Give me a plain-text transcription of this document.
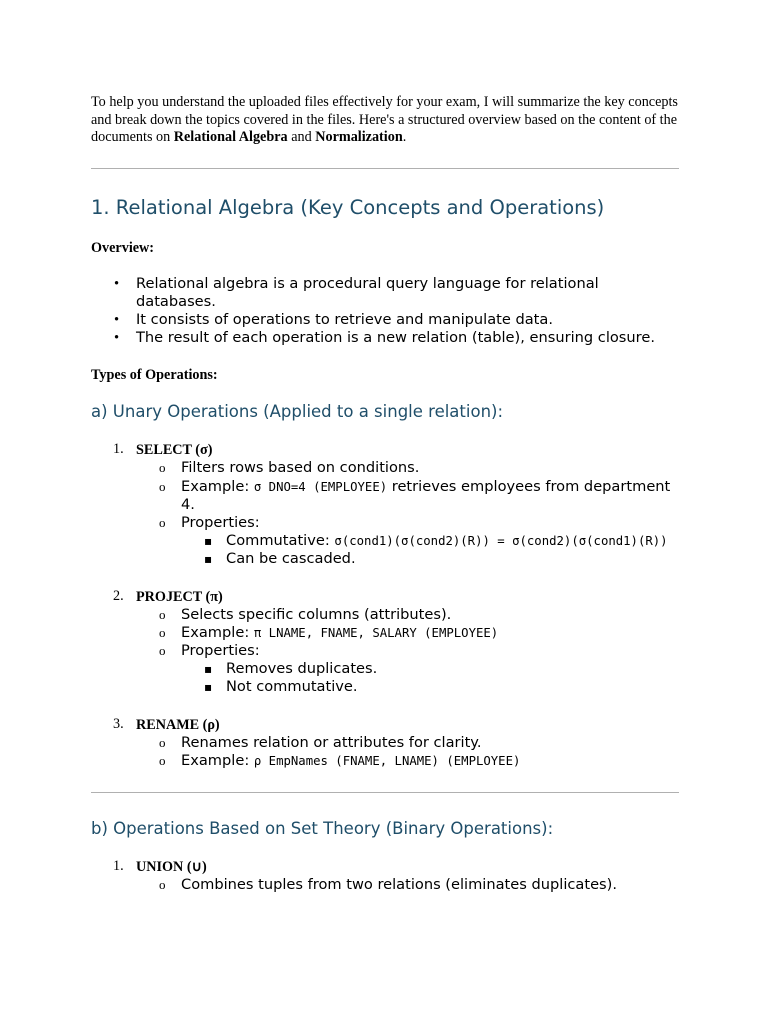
To help you understand the uploaded files effectively for your exam, I will summarize the key concepts and break down the topics covered in the files. Here's a structured overview based on the content of the documents on Relational Algebra and Normalization.

1. Relational Algebra (Key Concepts and Operations)

Overview:

• Relational algebra is a procedural query language for relational databases.
• It consists of operations to retrieve and manipulate data.
• The result of each operation is a new relation (table), ensuring closure.

Types of Operations:

a) Unary Operations (Applied to a single relation):
1. SELECT (σ)
o Filters rows based on conditions.
o Example: σ DNO=4 (EMPLOYEE) retrieves employees from department 4.
o Properties:
▪ Commutative: σ(cond1)(σ(cond2)(R)) = σ(cond2)(σ(cond1)(R))
▪ Can be cascaded.
2. PROJECT (π)
o Selects specific columns (attributes).
o Example: π LNAME, FNAME, SALARY (EMPLOYEE)
o Properties:
▪ Removes duplicates.
▪ Not commutative.
3. RENAME (ρ)
o Renames relation or attributes for clarity.
o Example: ρ EmpNames (FNAME, LNAME) (EMPLOYEE)
b) Operations Based on Set Theory (Binary Operations):
1. UNION (∪)
o Combines tuples from two relations (eliminates duplicates).
